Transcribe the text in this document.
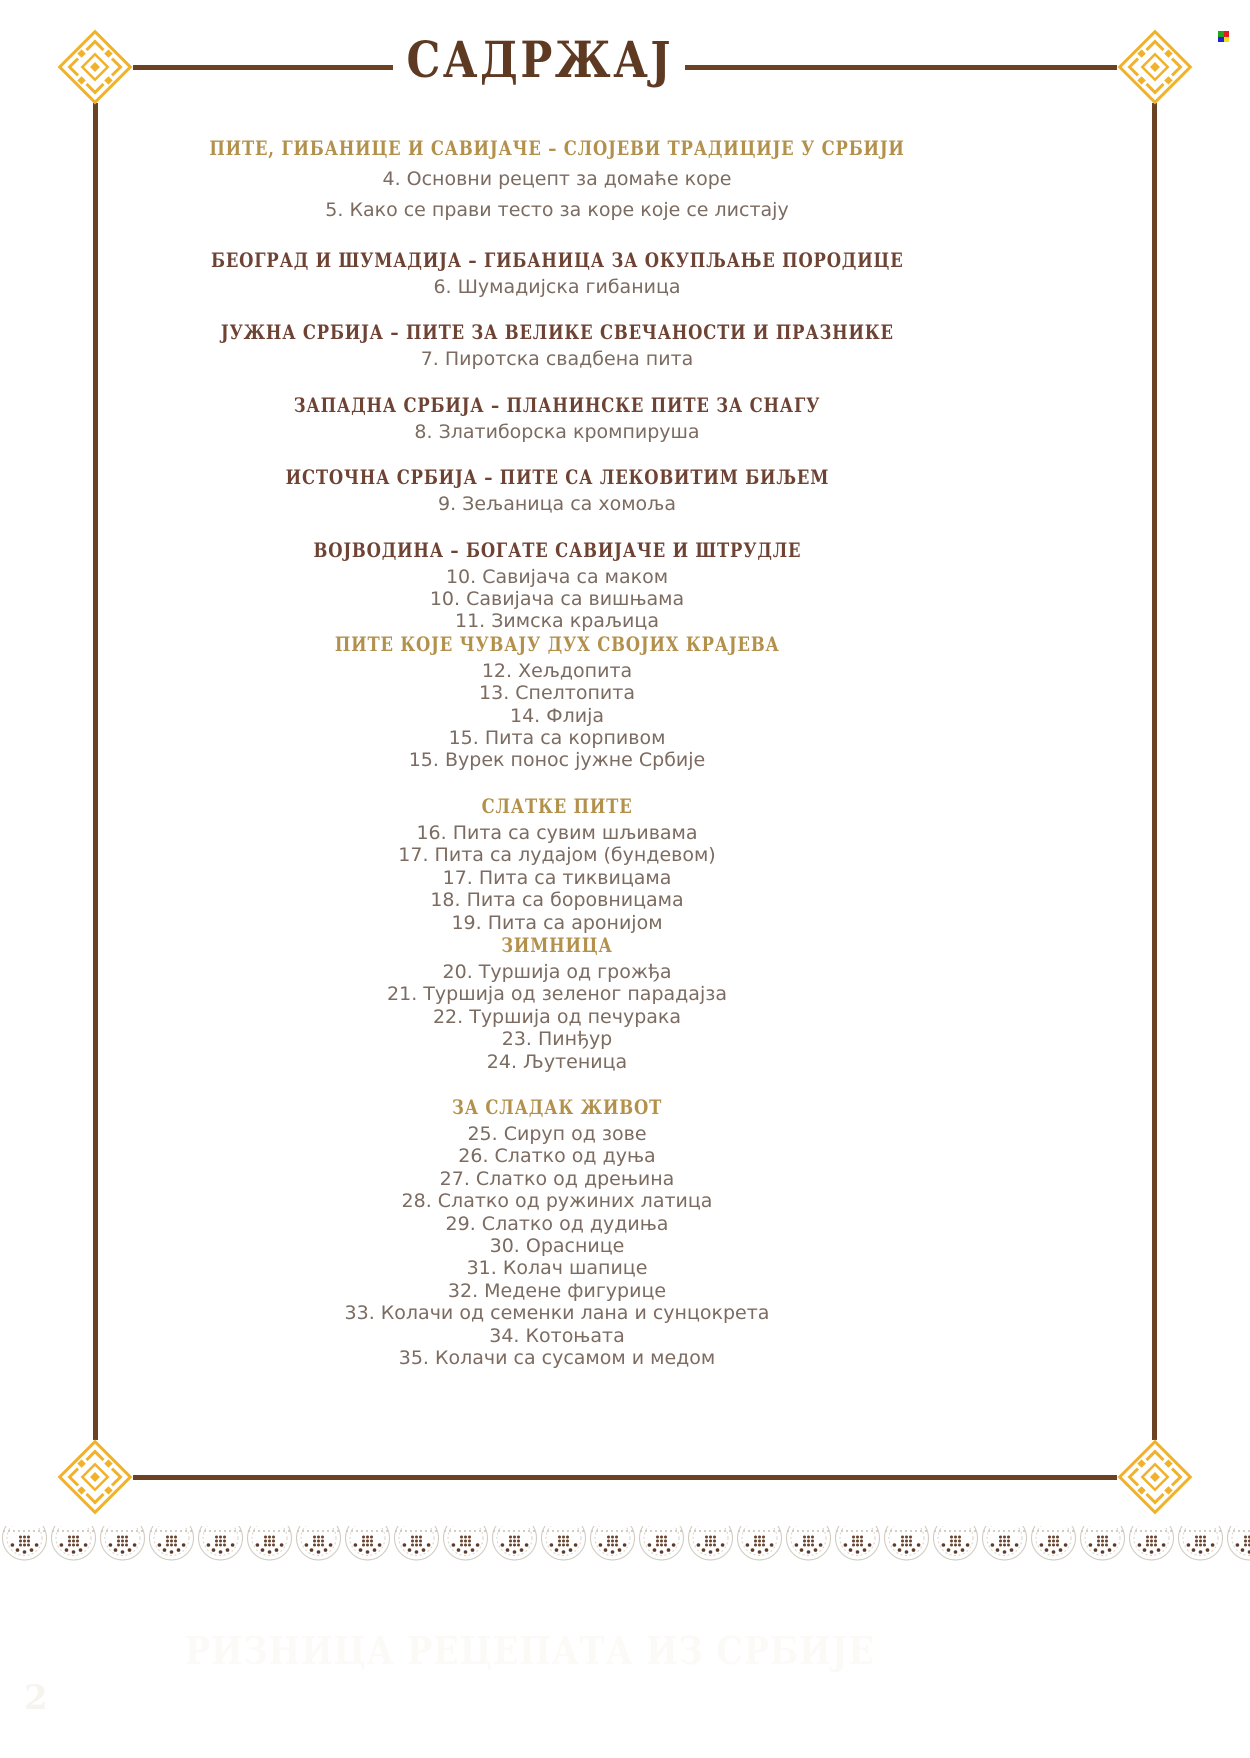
САДРЖАЈ
ПИТЕ, ГИБАНИЦЕ И САВИЈАЧЕ – СЛОЈЕВИ ТРАДИЦИЈЕ У СРБИЈИ
4. Основни рецепт за домаће коре
5. Како се прави тесто за коре које се листају
БЕОГРАД И ШУМАДИЈА – ГИБАНИЦА ЗА ОКУПЉАЊЕ ПОРОДИЦЕ
6. Шумадијска гибаница
ЈУЖНА СРБИЈА – ПИТЕ ЗА ВЕЛИКЕ СВЕЧАНОСТИ И ПРАЗНИКЕ
7. Пиротска свадбена пита
ЗАПАДНА СРБИЈА – ПЛАНИНСКЕ ПИТЕ ЗА СНАГУ
8. Златиборска кромпируша
ИСТОЧНА СРБИЈА – ПИТЕ СА ЛЕКОВИТИМ БИЉЕМ
9. Зељаница са хомоља
ВОЈВОДИНА – БОГАТЕ САВИЈАЧЕ И ШТРУДЛЕ
10. Савијача са маком
10. Савијача са вишњама
11. Зимска краљица
ПИТЕ КОЈЕ ЧУВАЈУ ДУХ СВОЈИХ КРАЈЕВА
12. Хељдопита
13. Спелтопита
14. Флија
15. Пита са корпивом
15. Вурек понос јужне Србије
СЛАТКЕ ПИТЕ
16. Пита са сувим шљивама
17. Пита са лудајом (бундевом)
17. Пита са тиквицама
18. Пита са боровницама
19. Пита са аронијом
ЗИМНИЦА
20. Туршија од грожђа
21. Туршија од зеленог парадајза
22. Туршија од печурака
23. Пинђур
24. Љутеница
ЗА СЛАДАК ЖИВОТ
25. Сируп од зове
26. Слатко од дуња
27. Слатко од дрењина
28. Слатко од ружиних латица
29. Слатко од дудиња
30. Ораснице
31. Колач шапице
32. Медене фигурице
33. Колачи од семенки лана и сунцокрета
34. Котоњата
35. Колачи са сусамом и медом
РИЗНИЦА РЕЦЕПАТА ИЗ СРБИЈЕ
2
